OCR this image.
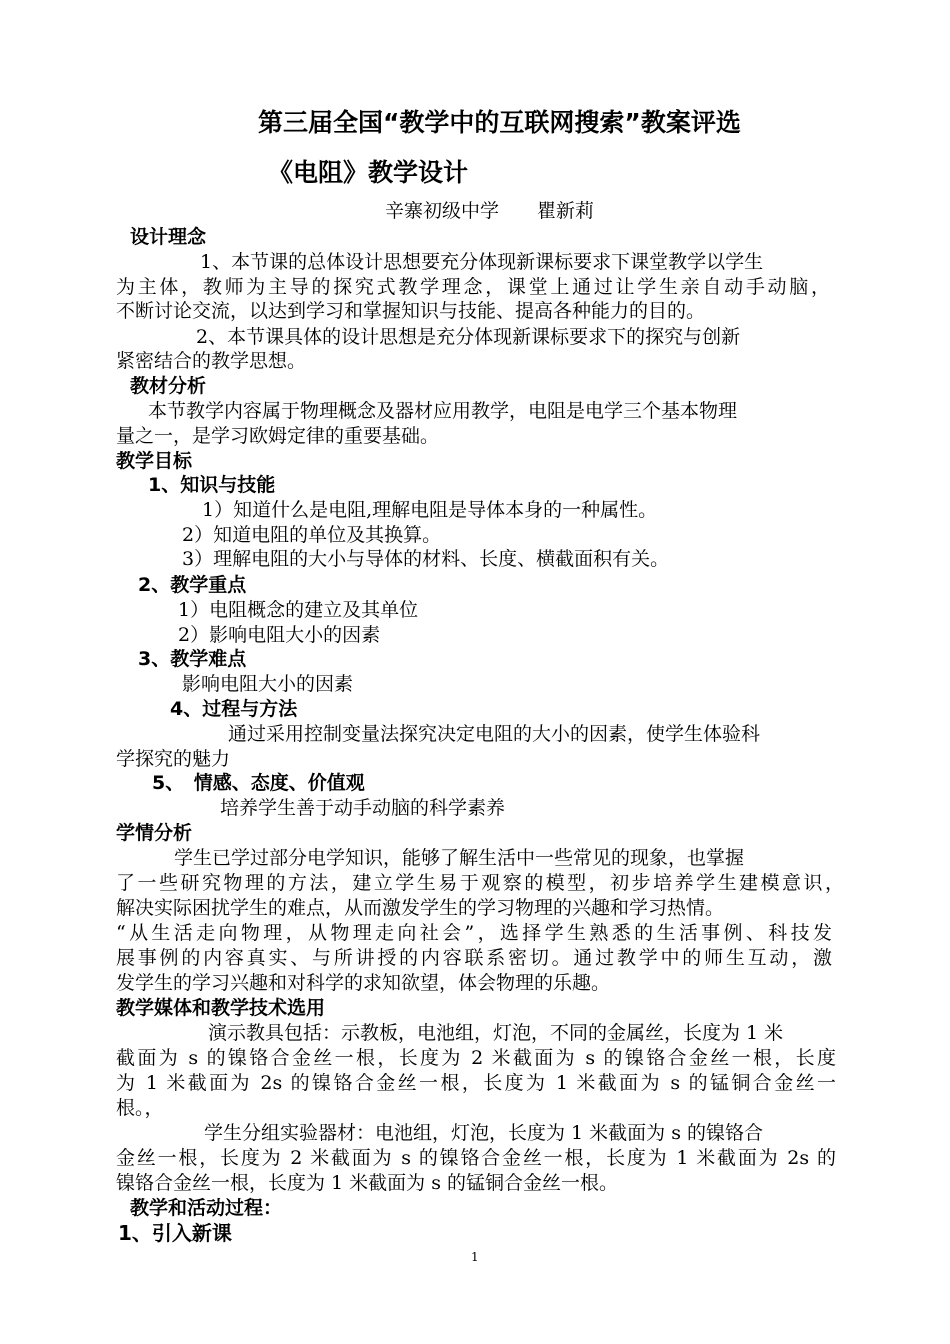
第三届全国“教学中的互联网搜索”教案评选
《电阻》教学设计
辛寨初级中学　　瞿新莉
设计理念
1、本节课的总体设计思想要充分体现新课标要求下课堂教学以学生
为主体，教师为主导的探究式教学理念，课堂上通过让学生亲自动手动脑，
不断讨论交流，以达到学习和掌握知识与技能、提高各种能力的目的。
2、本节课具体的设计思想是充分体现新课标要求下的探究与创新
紧密结合的教学思想。
教材分析
本节教学内容属于物理概念及器材应用教学，电阻是电学三个基本物理
量之一，是学习欧姆定律的重要基础。
教学目标
1、知识与技能
1）知道什么是电阻,理解电阻是导体本身的一种属性。
2）知道电阻的单位及其换算。
3）理解电阻的大小与导体的材料、长度、横截面积有关。
2、教学重点
1）电阻概念的建立及其单位
2）影响电阻大小的因素
3、教学难点
影响电阻大小的因素
4、过程与方法
通过采用控制变量法探究决定电阻的大小的因素，使学生体验科
学探究的魅力
5、　情感、态度、价值观
培养学生善于动手动脑的科学素养
学情分析
学生已学过部分电学知识，能够了解生活中一些常见的现象，也掌握
了一些研究物理的方法，建立学生易于观察的模型，初步培养学生建模意识，
解决实际困扰学生的难点，从而激发学生的学习物理的兴趣和学习热情。
“从生活走向物理，从物理走向社会”，选择学生熟悉的生活事例、科技发
展事例的内容真实、与所讲授的内容联系密切。通过教学中的师生互动，激
发学生的学习兴趣和对科学的求知欲望，体会物理的乐趣。
教学媒体和教学技术选用
演示教具包括：示教板，电池组，灯泡，不同的金属丝，长度为 1 米
截面为 s 的镍铬合金丝一根，长度为 2 米截面为 s 的镍铬合金丝一根，长度
为 1 米截面为 2s 的镍铬合金丝一根，长度为 1 米截面为 s 的锰铜合金丝一
根。，
学生分组实验器材：电池组，灯泡，长度为 1 米截面为 s 的镍铬合
金丝一根，长度为 2 米截面为 s 的镍铬合金丝一根，长度为 1 米截面为 2s 的
镍铬合金丝一根，长度为 1 米截面为 s 的锰铜合金丝一根。
教学和活动过程：
1、引入新课
1
